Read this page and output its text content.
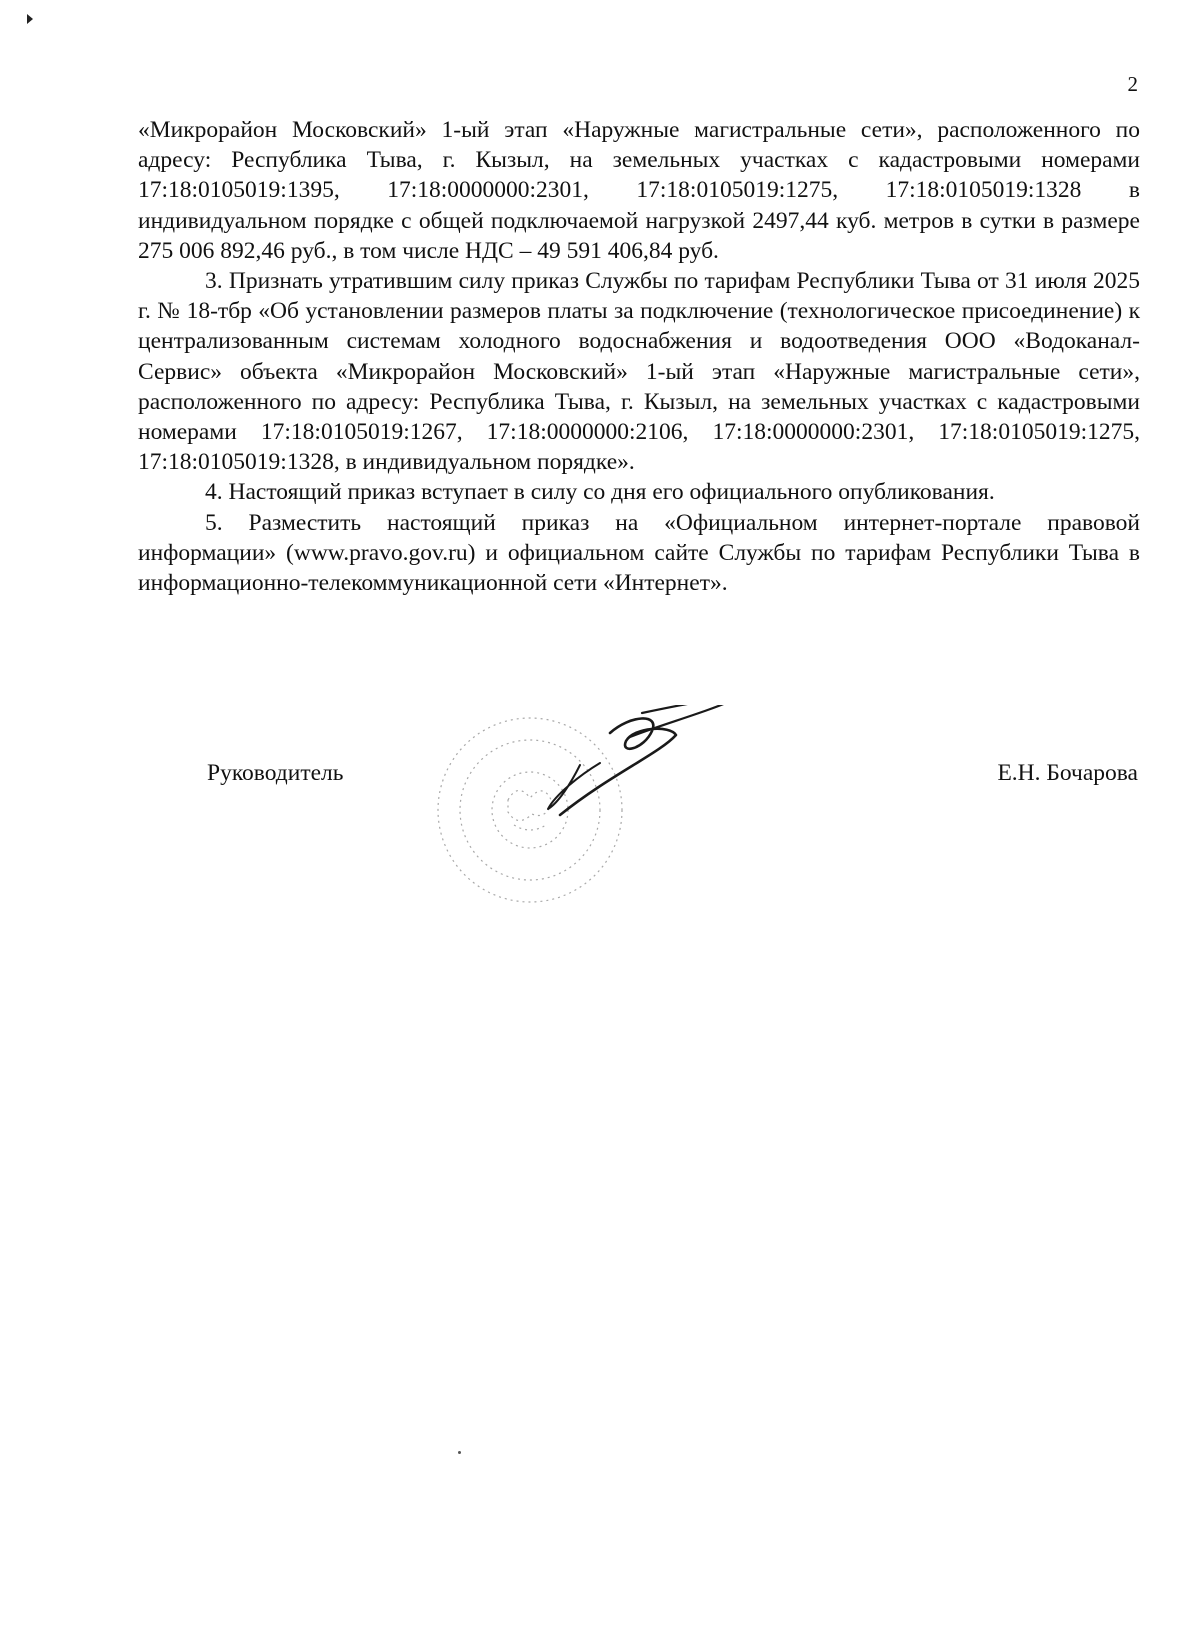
2

«Микрорайон Московский» 1-ый этап «Наружные магистральные сети», расположенного по адресу: Республика Тыва, г. Кызыл, на земельных участках с кадастровыми номерами 17:18:0105019:1395, 17:18:0000000:2301, 17:18:0105019:1275, 17:18:0105019:1328 в индивидуальном порядке с общей подключаемой нагрузкой 2497,44 куб. метров в сутки в размере 275 006 892,46 руб., в том числе НДС – 49 591 406,84 руб.

3. Признать утратившим силу приказ Службы по тарифам Республики Тыва от 31 июля 2025 г. № 18-тбр «Об установлении размеров платы за подключение (технологическое присоединение) к централизованным системам холодного водоснабжения и водоотведения ООО «Водоканал-Сервис» объекта «Микрорайон Московский» 1-ый этап «Наружные магистральные сети», расположенного по адресу: Республика Тыва, г. Кызыл, на земельных участках с кадастровыми номерами 17:18:0105019:1267, 17:18:0000000:2106, 17:18:0000000:2301, 17:18:0105019:1275, 17:18:0105019:1328, в индивидуальном порядке».

4. Настоящий приказ вступает в силу со дня его официального опубликования.

5. Разместить настоящий приказ на «Официальном интернет-портале правовой информации» (www.pravo.gov.ru) и официальном сайте Службы по тарифам Республики Тыва в информационно-телекоммуникационной сети «Интернет».

Руководитель	Е.Н. Бочарова
